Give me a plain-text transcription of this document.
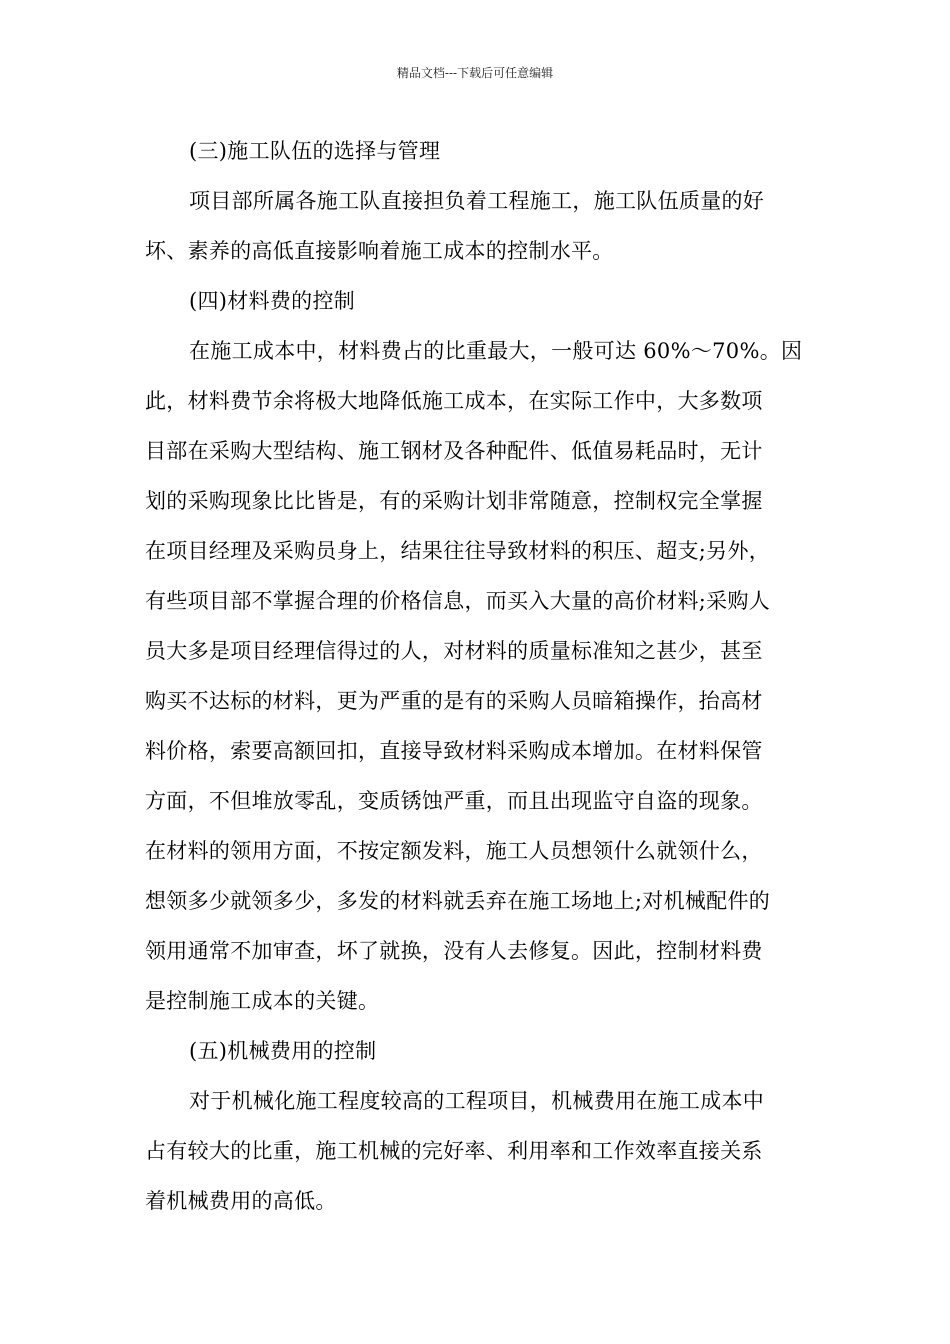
精品文档---下载后可任意编辑
(三)施工队伍的选择与管理
项目部所属各施工队直接担负着工程施工，施工队伍质量的好
坏、素养的高低直接影响着施工成本的控制水平。
(四)材料费的控制
在施工成本中，材料费占的比重最大，一般可达 60%～70%。因
此，材料费节余将极大地降低施工成本，在实际工作中，大多数项
目部在采购大型结构、施工钢材及各种配件、低值易耗品时，无计
划的采购现象比比皆是，有的采购计划非常随意，控制权完全掌握
在项目经理及采购员身上，结果往往导致材料的积压、超支;另外，
有些项目部不掌握合理的价格信息，而买入大量的高价材料;采购人
员大多是项目经理信得过的人，对材料的质量标准知之甚少，甚至
购买不达标的材料，更为严重的是有的采购人员暗箱操作，抬高材
料价格，索要高额回扣，直接导致材料采购成本增加。在材料保管
方面，不但堆放零乱，变质锈蚀严重，而且出现监守自盗的现象。
在材料的领用方面，不按定额发料，施工人员想领什么就领什么，
想领多少就领多少，多发的材料就丢弃在施工场地上;对机械配件的
领用通常不加审查，坏了就换，没有人去修复。因此，控制材料费
是控制施工成本的关键。
(五)机械费用的控制
对于机械化施工程度较高的工程项目，机械费用在施工成本中
占有较大的比重，施工机械的完好率、利用率和工作效率直接关系
着机械费用的高低。
